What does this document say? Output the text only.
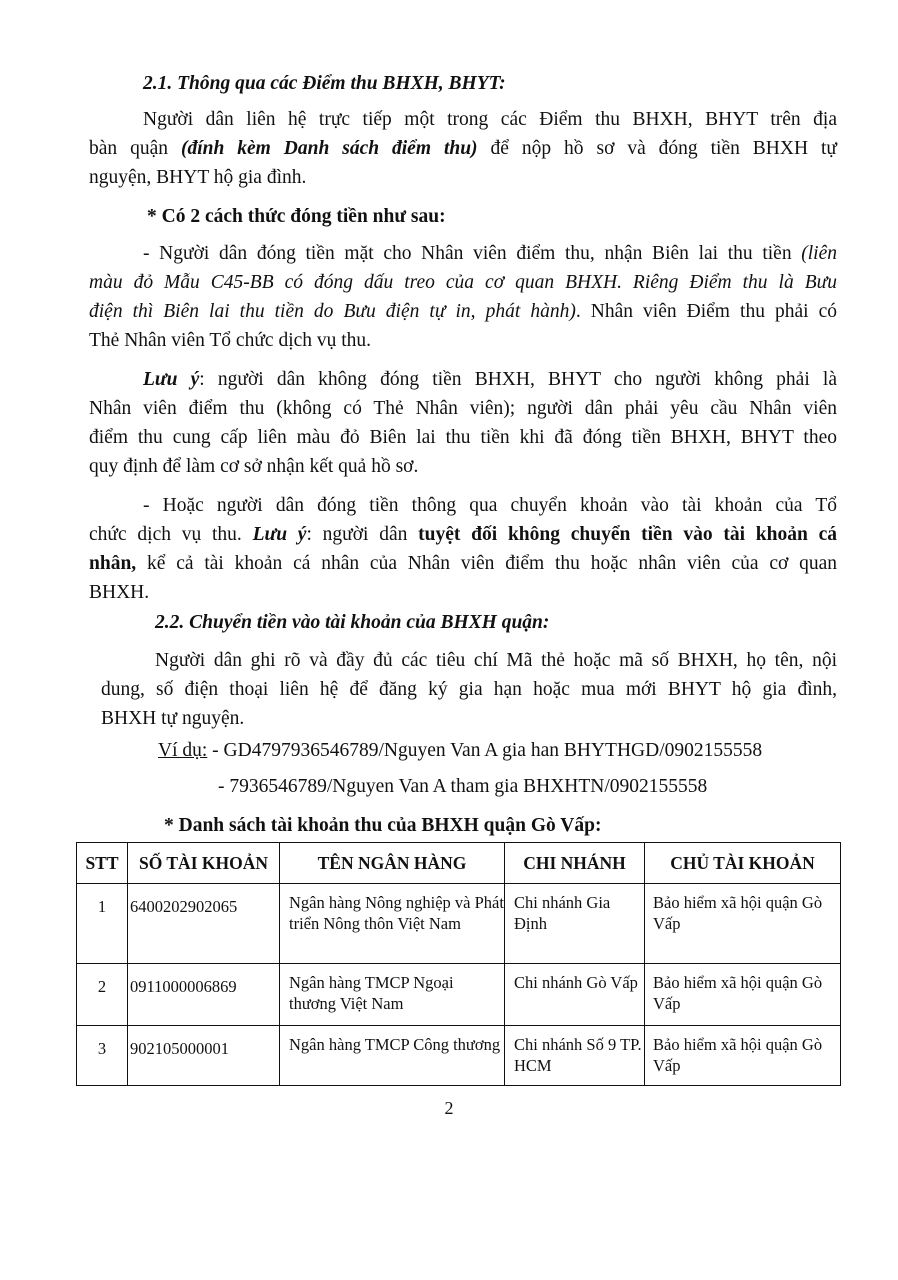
2.1. Thông qua các Điểm thu BHXH, BHYT:
Người dân liên hệ trực tiếp một trong các Điểm thu BHXH, BHYT trên địa
bàn quận (đính kèm Danh sách điểm thu) để nộp hồ sơ và đóng tiền BHXH tự
nguyện, BHYT hộ gia đình.
* Có 2 cách thức đóng tiền như sau:
- Người dân đóng tiền mặt cho Nhân viên điểm thu, nhận Biên lai thu tiền (liên
màu đỏ Mẫu C45-BB có đóng dấu treo của cơ quan BHXH. Riêng Điểm thu là Bưu
điện thì Biên lai thu tiền do Bưu điện tự in, phát hành). Nhân viên Điểm thu phải có
Thẻ Nhân viên Tổ chức dịch vụ thu.
Lưu ý: người dân không đóng tiền BHXH, BHYT cho người không phải là
Nhân viên điểm thu (không có Thẻ Nhân viên); người dân phải yêu cầu Nhân viên
điểm thu cung cấp liên màu đỏ Biên lai thu tiền khi đã đóng tiền BHXH, BHYT theo
quy định để làm cơ sở nhận kết quả hồ sơ.
- Hoặc người dân đóng tiền thông qua chuyển khoản vào tài khoản của Tổ
chức dịch vụ thu. Lưu ý: người dân tuyệt đối không chuyển tiền vào tài khoản cá
nhân, kể cả tài khoản cá nhân của Nhân viên điểm thu hoặc nhân viên của cơ quan
BHXH.
2.2. Chuyển tiền vào tài khoản của BHXH quận:
Người dân ghi rõ và đầy đủ các tiêu chí Mã thẻ hoặc mã số BHXH, họ tên, nội
dung, số điện thoại liên hệ để đăng ký gia hạn hoặc mua mới BHYT hộ gia đình,
BHXH tự nguyện.
Ví dụ: - GD4797936546789/Nguyen Van A gia han BHYTHGD/0902155558
- 7936546789/Nguyen Van A tham gia BHXHTN/0902155558
* Danh sách tài khoản thu của BHXH quận Gò Vấp:
STT	SỐ TÀI KHOẢN	TÊN NGÂN HÀNG	CHI NHÁNH	CHỦ TÀI KHOẢN
1	6400202902065	Ngân hàng Nông nghiệp và Phát triển Nông thôn Việt Nam	Chi nhánh Gia Định	Bảo hiểm xã hội quận Gò Vấp
2	0911000006869	Ngân hàng TMCP Ngoại thương Việt Nam	Chi nhánh Gò Vấp	Bảo hiểm xã hội quận Gò Vấp
3	902105000001	Ngân hàng TMCP Công thương	Chi nhánh Số 9 TP. HCM	Bảo hiểm xã hội quận Gò Vấp
2
